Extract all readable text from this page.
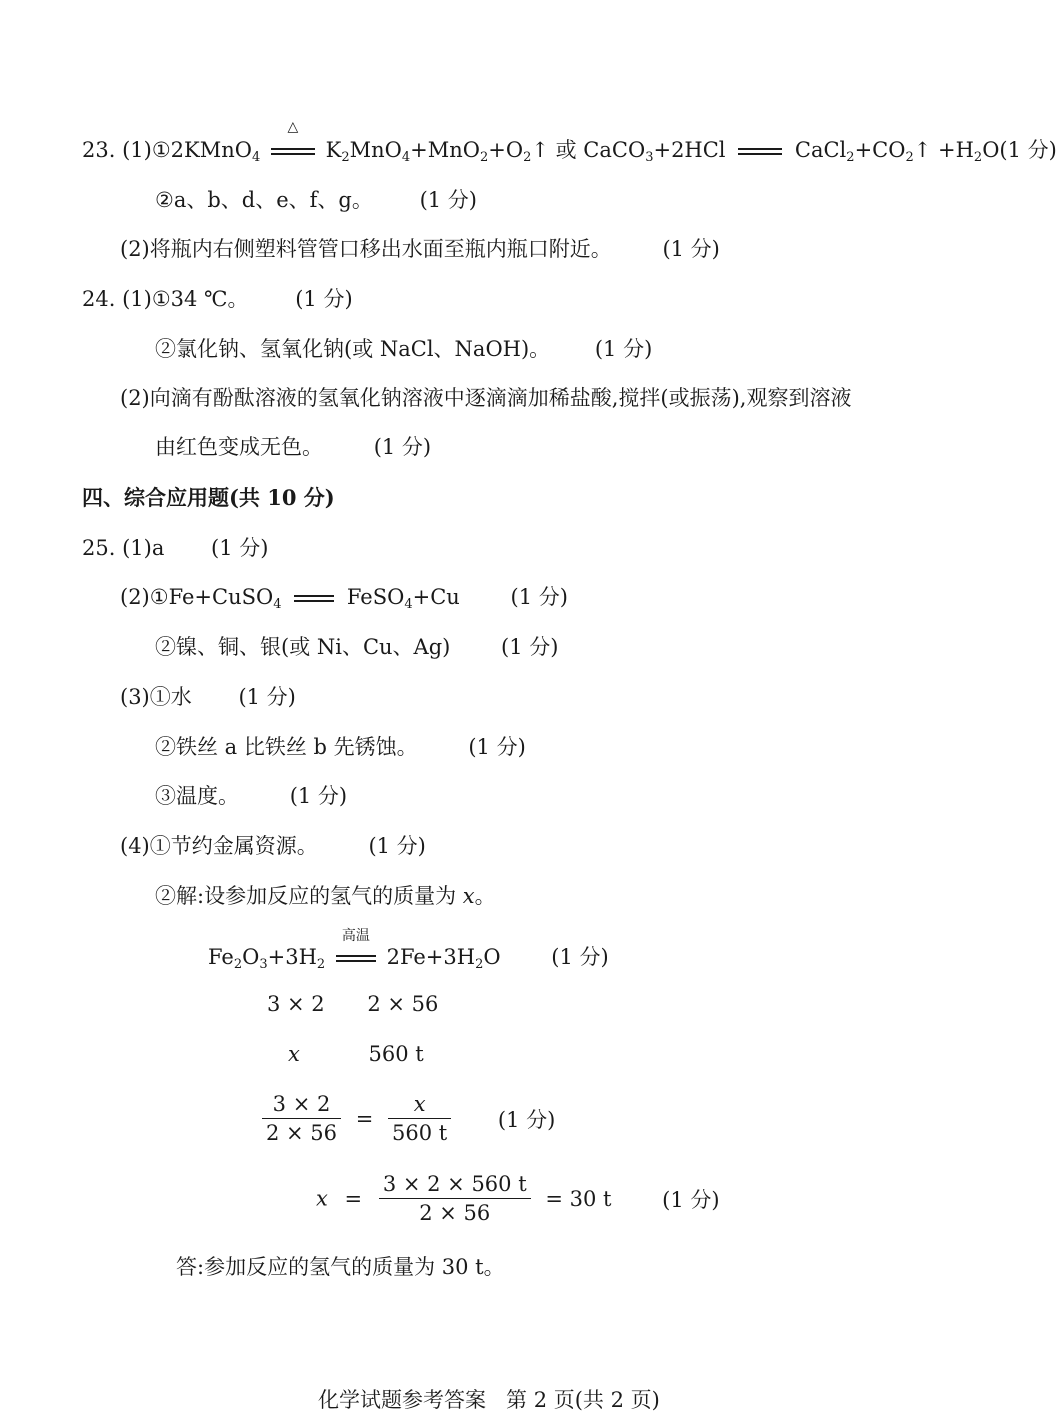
23. (1)①2KMnO$_4$
△
$K_2MnO_4+MnO_2+O_2↑$ 或 CaCO$_3$+2HCl	$CaCl_2+CO_2↑ +H_2O(1$ 分)
②a、b、d、e、f、g。 (1 分)
(2)将瓶内右侧塑料管管口移出水面至瓶内瓶口附近。 (1 分)
24. (1)①34 ℃。 (1 分)
②氯化钠、氢氧化钠(或 NaCl、NaOH)。 (1 分)
(2)向滴有酚酞溶液的氢氧化钠溶液中逐滴滴加稀盐酸,搅拌(或振荡),观察到溶液
由红色变成无色。 (1 分)
四、综合应用题(共 10 分)
25. (1)a (1 分)
(2)①Fe+CuSO$_4$	FeSO$_4$+Cu (1 分)
②镍、铜、银(或 Ni、Cu、Ag) (1 分)
(3)①水 (1 分)
②铁丝 a 比铁丝 b 先锈蚀。 (1 分)
③温度。 (1 分)
(4)①节约金属资源。 (1 分)
②解:设参加反应的氢气的质量为 x。
$Fe_2O_3+3H_2$
高温
$2Fe+3H_2O$ (1 分)
3 × 2 2 × 56
x	560 t
$\frac{3 \times 2}{2 \times 56} = \frac{x}{560 t} (1$ 分)
$x = \frac{3 \times 2 \times 560 t}{2 \times 56} = 30$ t (1 分)
答:参加反应的氢气的质量为 30 t。
化学试题参考答案   第 2 页(共 2 页)
